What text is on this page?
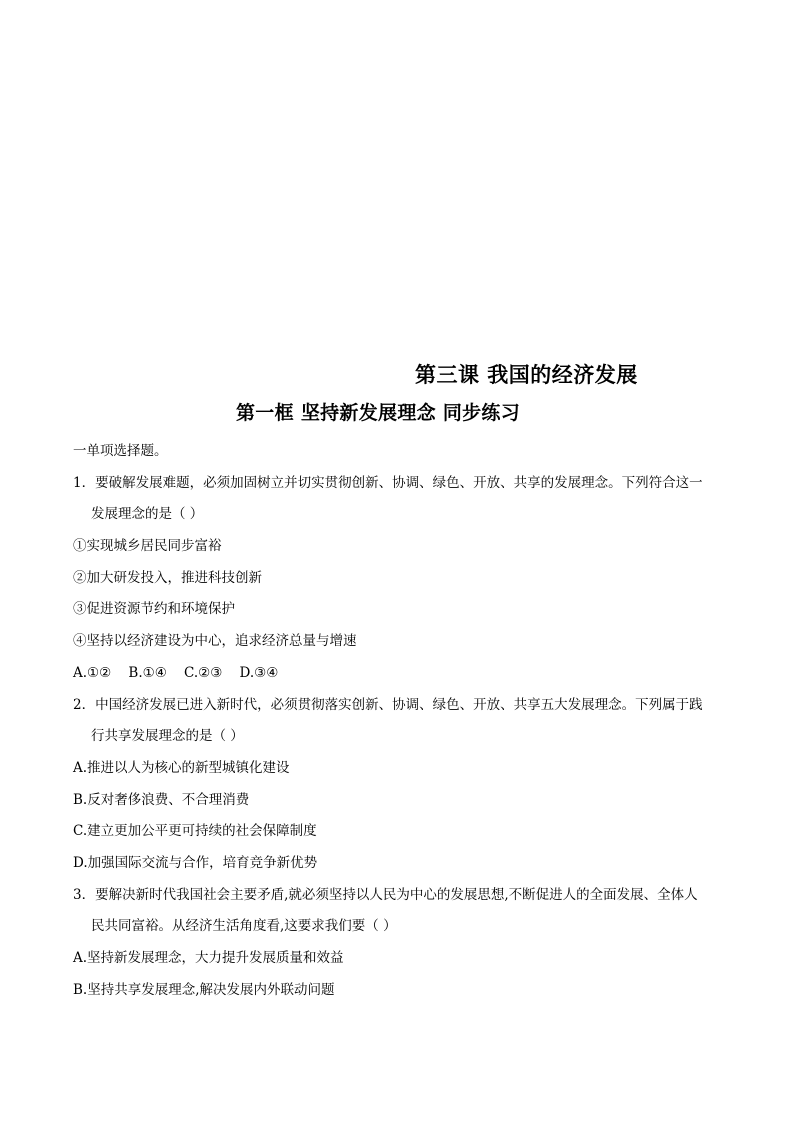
第三课 我国的经济发展
第一框 坚持新发展理念 同步练习
一单项选择题。
1．要破解发展难题，必须加固树立并切实贯彻创新、协调、绿色、开放、共享的发展理念。下列符合这一
发展理念的是（ ）
①实现城乡居民同步富裕
②加大研发投入，推进科技创新
③促进资源节约和环境保护
④坚持以经济建设为中心，追求经济总量与增速
A.①②    B.①④    C.②③    D.③④
2．中国经济发展已进入新时代，必须贯彻落实创新、协调、绿色、开放、共享五大发展理念。下列属于践
行共享发展理念的是（ ）
A.推进以人为核心的新型城镇化建设
B.反对奢侈浪费、不合理消费
C.建立更加公平更可持续的社会保障制度
D.加强国际交流与合作，培育竞争新优势
3．要解决新时代我国社会主要矛盾,就必须坚持以人民为中心的发展思想,不断促进人的全面发展、全体人
民共同富裕。从经济生活角度看,这要求我们要（ ）
A.坚持新发展理念，大力提升发展质量和效益
B.坚持共享发展理念,解决发展内外联动问题
